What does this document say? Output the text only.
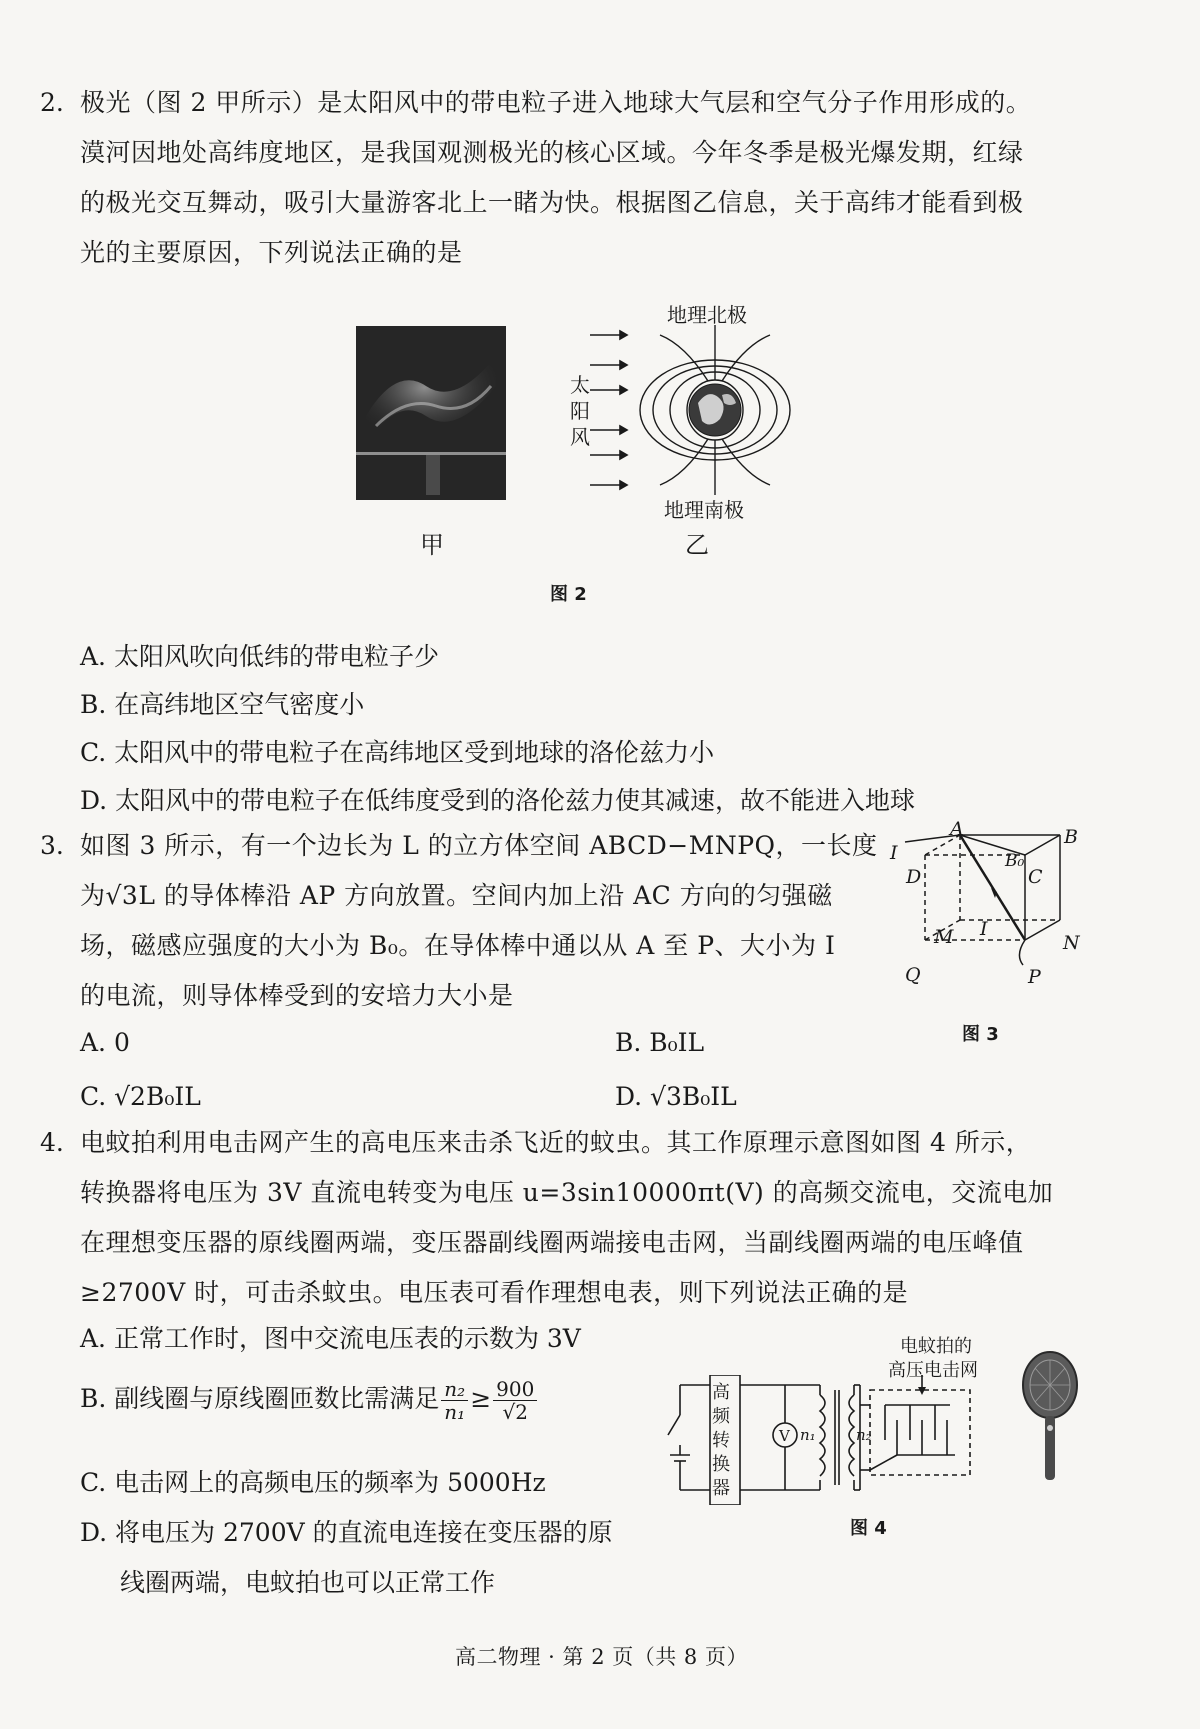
2. 极光（图 2 甲所示）是太阳风中的带电粒子进入地球大气层和空气分子作用形成的。
漠河因地处高纬度地区，是我国观测极光的核心区域。今年冬季是极光爆发期，红绿
的极光交互舞动，吸引大量游客北上一睹为快。根据图乙信息，关于高纬才能看到极
光的主要原因，下列说法正确的是
甲
地理北极
地理南极
太
阳
风
乙
图 2
A. 太阳风吹向低纬的带电粒子少
B. 在高纬地区空气密度小
C. 太阳风中的带电粒子在高纬地区受到地球的洛伦兹力小
D. 太阳风中的带电粒子在低纬度受到的洛伦兹力使其减速，故不能进入地球
3. 如图 3 所示，有一个边长为 L 的立方体空间 ABCD−MNPQ，一长度
为√3L 的导体棒沿 AP 方向放置。空间内加上沿 AC 方向的匀强磁
场，磁感应强度的大小为 B₀。在导体棒中通以从 A 至 P、大小为 I
的电流，则导体棒受到的安培力大小是
A	B
C
D
M	N
P
Q
I
I
B₀
图 3
A. 0	B. B₀IL
C. √2B₀IL	D. √3B₀IL
4. 电蚊拍利用电击网产生的高电压来击杀飞近的蚊虫。其工作原理示意图如图 4 所示，
转换器将电压为 3V 直流电转变为电压 u=3sin10000πt(V) 的高频交流电，交流电加
在理想变压器的原线圈两端，变压器副线圈两端接电击网，当副线圈两端的电压峰值
≥2700V 时，可击杀蚊虫。电压表可看作理想电表，则下列说法正确的是
A. 正常工作时，图中交流电压表的示数为 3V
B. 副线圈与原线圈匝数比需满足 $\frac{\text{n₂}}{\text{n₁}} \ge \frac{900}{√2}$
C. 电击网上的高频电压的频率为 5000Hz
D. 将电压为 2700V 的直流电连接在变压器的原
线圈两端，电蚊拍也可以正常工作
电蚊拍的
高压电击网
高
频
转
换
器
V n₁	n₂
图 4
高二物理 · 第 2 页（共 8 页）
